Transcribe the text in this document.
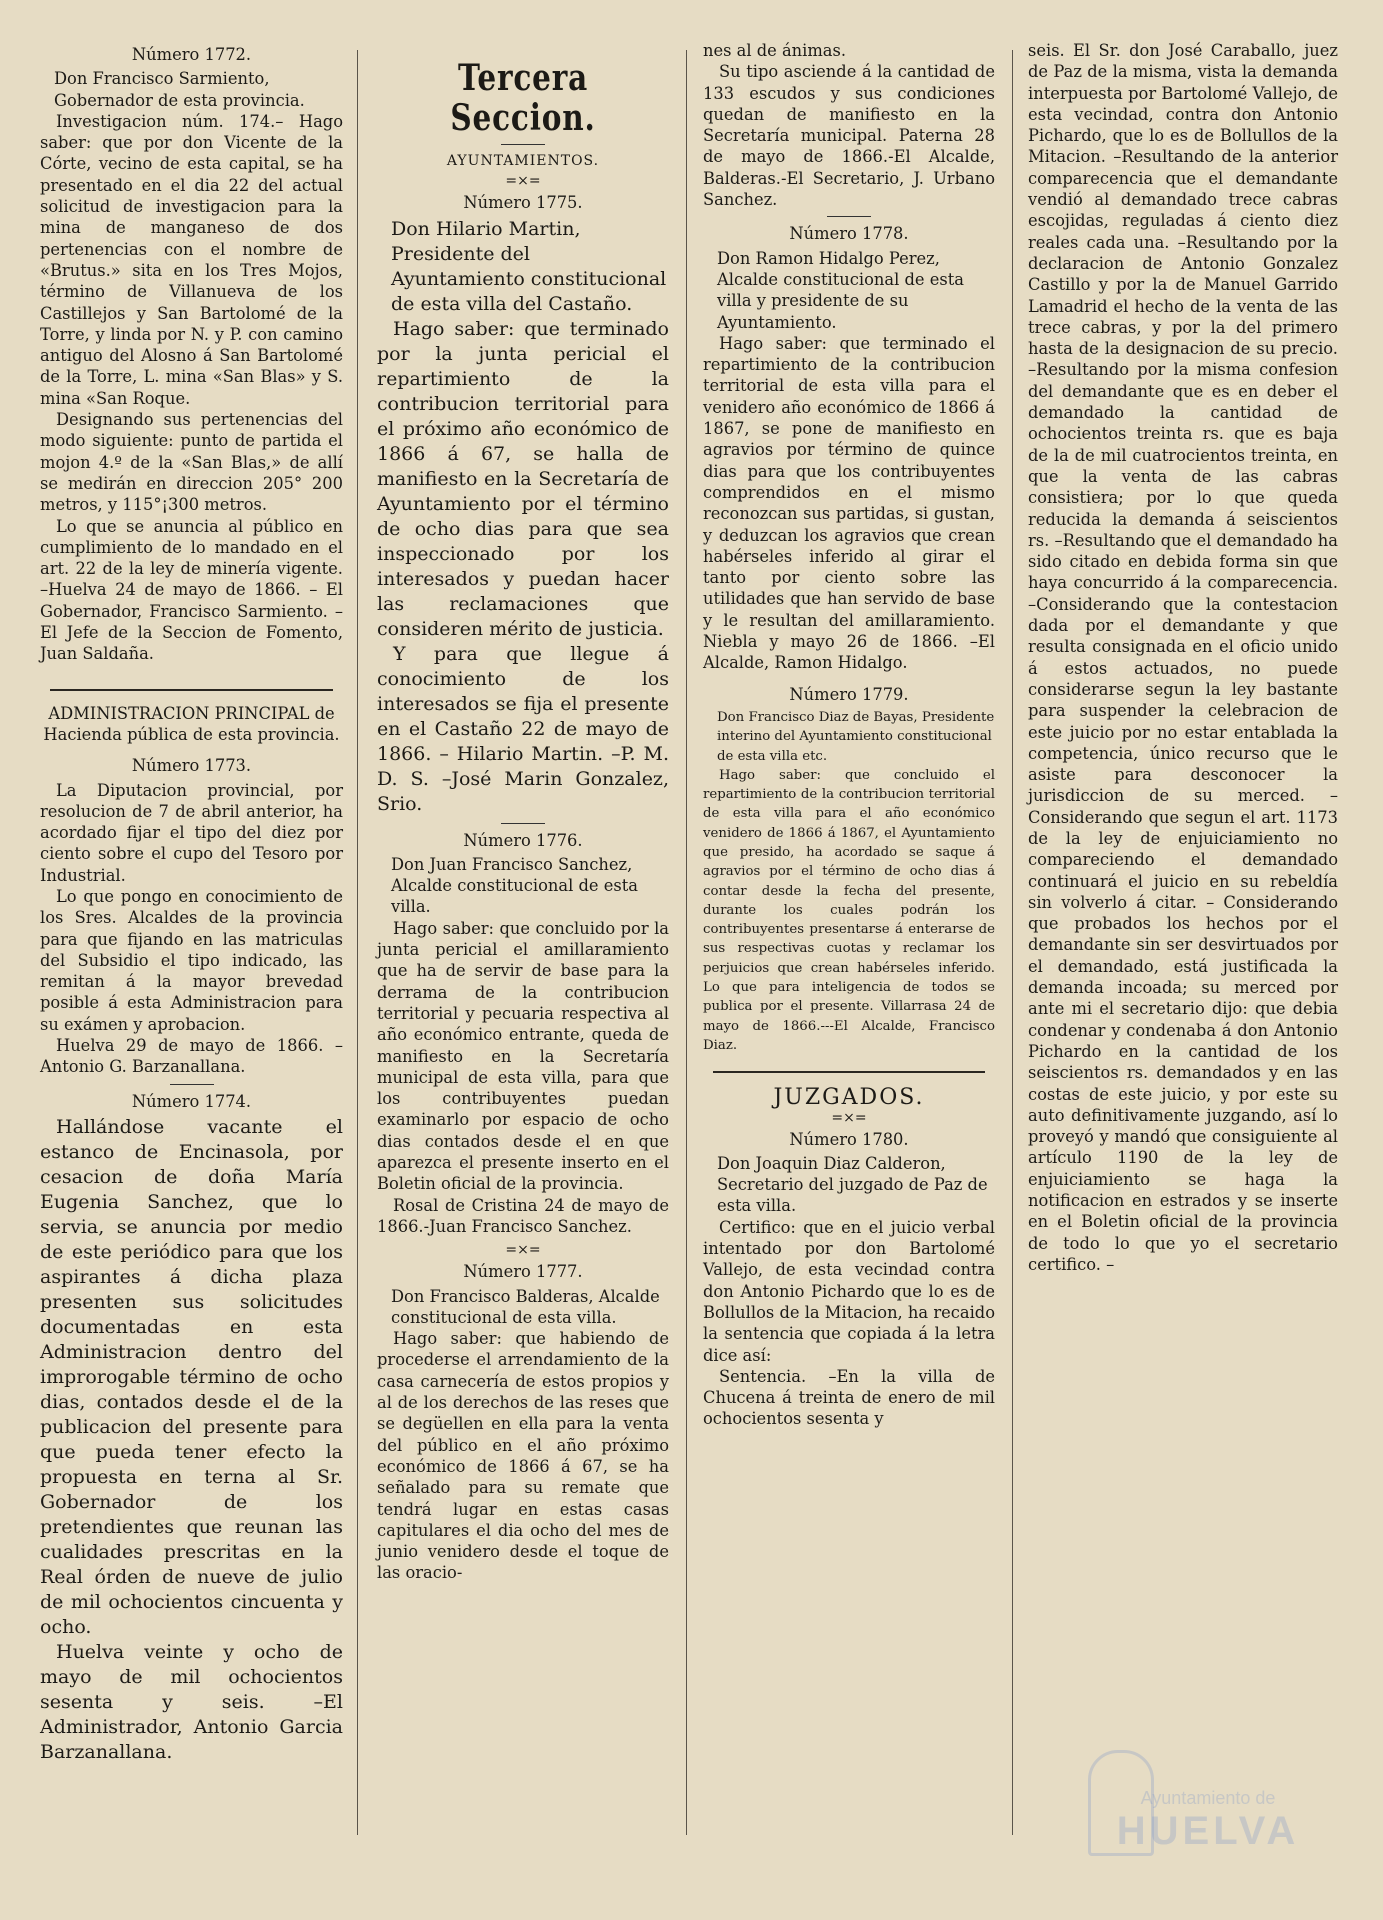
Número 1772.

Don Francisco Sarmiento, Gobernador de esta provincia.

Investigacion núm. 174.– Hago saber: que por don Vicente de la Córte, vecino de esta capital, se ha presentado en el dia 22 del actual solicitud de investigacion para la mina de manganeso de dos pertenencias con el nombre de «Brutus.» sita en los Tres Mojos, término de Villanueva de los Castillejos y San Bartolomé de la Torre, y linda por N. y P. con camino antiguo del Alosno á San Bartolomé de la Torre, L. mina «San Blas» y S. mina «San Roque.

Designando sus pertenencias del modo siguiente: punto de partida el mojon 4.º de la «San Blas,» de allí se medirán en direccion 205° 200 metros, y 115°¡300 metros.

Lo que se anuncia al público en cumplimiento de lo mandado en el art. 22 de la ley de minería vigente. –Huelva 24 de mayo de 1866. – El Gobernador, Francisco Sarmiento. –El Jefe de la Seccion de Fomento, Juan Saldaña.

ADMINISTRACION PRINCIPAL de Hacienda pública de esta provincia.
Número 1773.

La Diputacion provincial, por resolucion de 7 de abril anterior, ha acordado fijar el tipo del diez por ciento sobre el cupo del Tesoro por Industrial.

Lo que pongo en conocimiento de los Sres. Alcaldes de la provincia para que fijando en las matriculas del Subsidio el tipo indicado, las remitan á la mayor brevedad posible á esta Administracion para su exámen y aprobacion.

Huelva 29 de mayo de 1866. – Antonio G. Barzanallana.

Número 1774.

Hallándose vacante el estanco de Encinasola, por cesacion de doña María Eugenia Sanchez, que lo servia, se anuncia por medio de este periódico para que los aspirantes á dicha plaza presenten sus solicitudes documentadas en esta Administracion dentro del improrogable término de ocho dias, contados desde el de la publicacion del presente para que pueda tener efecto la propuesta en terna al Sr. Gobernador de los pretendientes que reunan las cualidades prescritas en la Real órden de nueve de julio de mil ochocientos cincuenta y ocho.

Huelva veinte y ocho de mayo de mil ochocientos sesenta y seis. –El Administrador, Antonio Garcia Barzanallana.

Tercera Seccion.
AYUNTAMIENTOS.
=×=
Número 1775.

Don Hilario Martin, Presidente del Ayuntamiento constitucional de esta villa del Castaño.

Hago saber: que terminado por la junta pericial el repartimiento de la contribucion territorial para el próximo año económico de 1866 á 67, se halla de manifiesto en la Secretaría de Ayuntamiento por el término de ocho dias para que sea inspeccionado por los interesados y puedan hacer las reclamaciones que consideren mérito de justicia.

Y para que llegue á conocimiento de los interesados se fija el presente en el Castaño 22 de mayo de 1866. – Hilario Martin. –P. M. D. S. –José Marin Gonzalez, Srio.

Número 1776.

Don Juan Francisco Sanchez, Alcalde constitucional de esta villa.

Hago saber: que concluido por la junta pericial el amillaramiento que ha de servir de base para la derrama de la contribucion territorial y pecuaria respectiva al año económico entrante, queda de manifiesto en la Secretaría municipal de esta villa, para que los contribuyentes puedan examinarlo por espacio de ocho dias contados desde el en que aparezca el presente inserto en el Boletin oficial de la provincia.

Rosal de Cristina 24 de mayo de 1866.-Juan Francisco Sanchez.

=×=
Número 1777.

Don Francisco Balderas, Alcalde constitucional de esta villa.

Hago saber: que habiendo de procederse el arrendamiento de la casa carnecería de estos propios y al de los derechos de las reses que se degüellen en ella para la venta del público en el año próximo económico de 1866 á 67, se ha señalado para su remate que tendrá lugar en estas casas capitulares el dia ocho del mes de junio venidero desde el toque de las oracio-

nes al de ánimas.

Su tipo asciende á la cantidad de 133 escudos y sus condiciones quedan de manifiesto en la Secretaría municipal. Paterna 28 de mayo de 1866.-El Alcalde, Balderas.-El Secretario, J. Urbano Sanchez.

Número 1778.

Don Ramon Hidalgo Perez, Alcalde constitucional de esta villa y presidente de su Ayuntamiento.

Hago saber: que terminado el repartimiento de la contribucion territorial de esta villa para el venidero año económico de 1866 á 1867, se pone de manifiesto en agravios por término de quince dias para que los contribuyentes comprendidos en el mismo reconozcan sus partidas, si gustan, y deduzcan los agravios que crean habérseles inferido al girar el tanto por ciento sobre las utilidades que han servido de base y le resultan del amillaramiento. Niebla y mayo 26 de 1866. –El Alcalde, Ramon Hidalgo.

Número 1779.

Don Francisco Diaz de Bayas, Presidente interino del Ayuntamiento constitucional de esta villa etc.

Hago saber: que concluido el repartimiento de la contribucion territorial de esta villa para el año económico venidero de 1866 á 1867, el Ayuntamiento que presido, ha acordado se saque á agravios por el término de ocho dias á contar desde la fecha del presente, durante los cuales podrán los contribuyentes presentarse á enterarse de sus respectivas cuotas y reclamar los perjuicios que crean habérseles inferido. Lo que para inteligencia de todos se publica por el presente. Villarrasa 24 de mayo de 1866.---El Alcalde, Francisco Diaz.

JUZGADOS.
=×=
Número 1780.

Don Joaquin Diaz Calderon, Secretario del juzgado de Paz de esta villa.

Certifico: que en el juicio verbal intentado por don Bartolomé Vallejo, de esta vecindad contra don Antonio Pichardo que lo es de Bollullos de la Mitacion, ha recaido la sentencia que copiada á la letra dice así:

Sentencia. –En la villa de Chucena á treinta de enero de mil ochocientos sesenta y

seis. El Sr. don José Caraballo, juez de Paz de la misma, vista la demanda interpuesta por Bartolomé Vallejo, de esta vecindad, contra don Antonio Pichardo, que lo es de Bollullos de la Mitacion. –Resultando de la anterior comparecencia que el demandante vendió al demandado trece cabras escojidas, reguladas á ciento diez reales cada una. –Resultando por la declaracion de Antonio Gonzalez Castillo y por la de Manuel Garrido Lamadrid el hecho de la venta de las trece cabras, y por la del primero hasta de la designacion de su precio. –Resultando por la misma confesion del demandante que es en deber el demandado la cantidad de ochocientos treinta rs. que es baja de la de mil cuatrocientos treinta, en que la venta de las cabras consistiera; por lo que queda reducida la demanda á seiscientos rs. –Resultando que el demandado ha sido citado en debida forma sin que haya concurrido á la comparecencia. –Considerando que la contestacion dada por el demandante y que resulta consignada en el oficio unido á estos actuados, no puede considerarse segun la ley bastante para suspender la celebracion de este juicio por no estar entablada la competencia, único recurso que le asiste para desconocer la jurisdiccion de su merced. –Considerando que segun el art. 1173 de la ley de enjuiciamiento no compareciendo el demandado continuará el juicio en su rebeldía sin volverlo á citar. – Considerando que probados los hechos por el demandante sin ser desvirtuados por el demandado, está justificada la demanda incoada; su merced por ante mi el secretario dijo: que debia condenar y condenaba á don Antonio Pichardo en la cantidad de los seiscientos rs. demandados y en las costas de este juicio, y por este su auto definitivamente juzgando, así lo proveyó y mandó que consiguiente al artículo 1190 de la ley de enjuiciamiento se haga la notificacion en estrados y se inserte en el Boletin oficial de la provincia de todo lo que yo el secretario certifico. –

Ayuntamiento de
HUELVA
